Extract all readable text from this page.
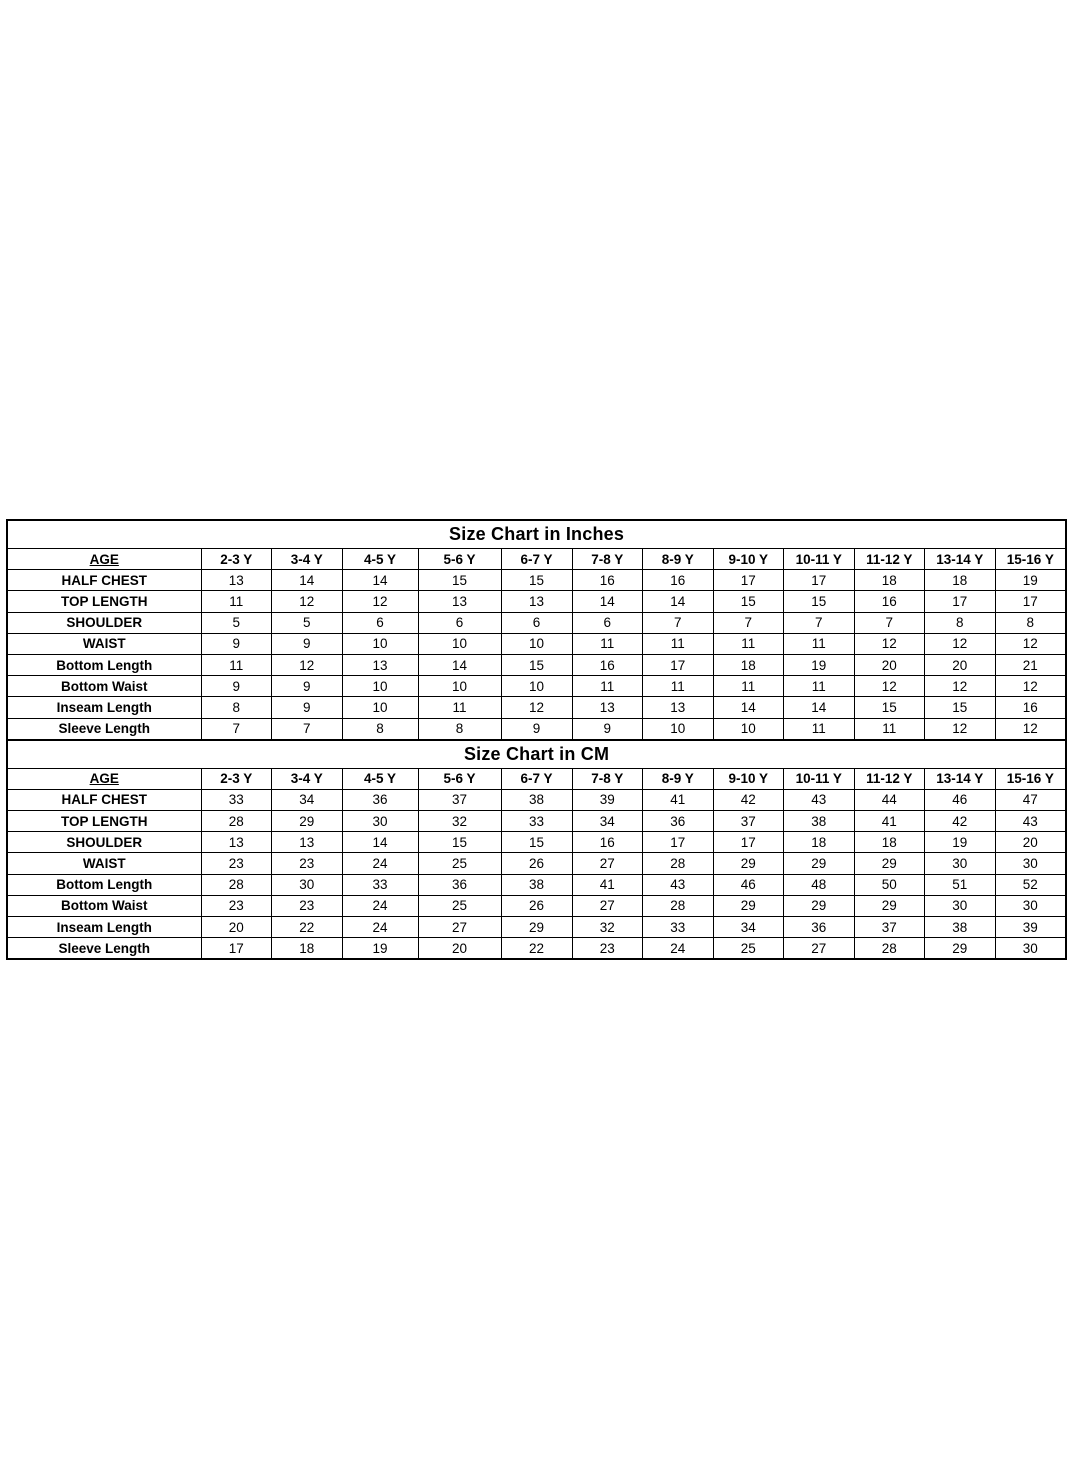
Size Chart in Inches												
AGE	2-3 Y	3-4 Y	4-5 Y	5-6 Y	6-7 Y	7-8 Y	8-9 Y	9-10 Y	10-11 Y	11-12 Y	13-14 Y	15-16 Y
HALF CHEST	13	14	14	15	15	16	16	17	17	18	18	19
TOP LENGTH	11	12	12	13	13	14	14	15	15	16	17	17
SHOULDER	5	5	6	6	6	6	7	7	7	7	8	8
WAIST	9	9	10	10	10	11	11	11	11	12	12	12
Bottom Length	11	12	13	14	15	16	17	18	19	20	20	21
Bottom Waist	9	9	10	10	10	11	11	11	11	12	12	12
Inseam Length	8	9	10	11	12	13	13	14	14	15	15	16
Sleeve Length	7	7	8	8	9	9	10	10	11	11	12	12
Size Chart in CM												
AGE	2-3 Y	3-4 Y	4-5 Y	5-6 Y	6-7 Y	7-8 Y	8-9 Y	9-10 Y	10-11 Y	11-12 Y	13-14 Y	15-16 Y
HALF CHEST	33	34	36	37	38	39	41	42	43	44	46	47
TOP LENGTH	28	29	30	32	33	34	36	37	38	41	42	43
SHOULDER	13	13	14	15	15	16	17	17	18	18	19	20
WAIST	23	23	24	25	26	27	28	29	29	29	30	30
Bottom Length	28	30	33	36	38	41	43	46	48	50	51	52
Bottom Waist	23	23	24	25	26	27	28	29	29	29	30	30
Inseam Length	20	22	24	27	29	32	33	34	36	37	38	39
Sleeve Length	17	18	19	20	22	23	24	25	27	28	29	30
